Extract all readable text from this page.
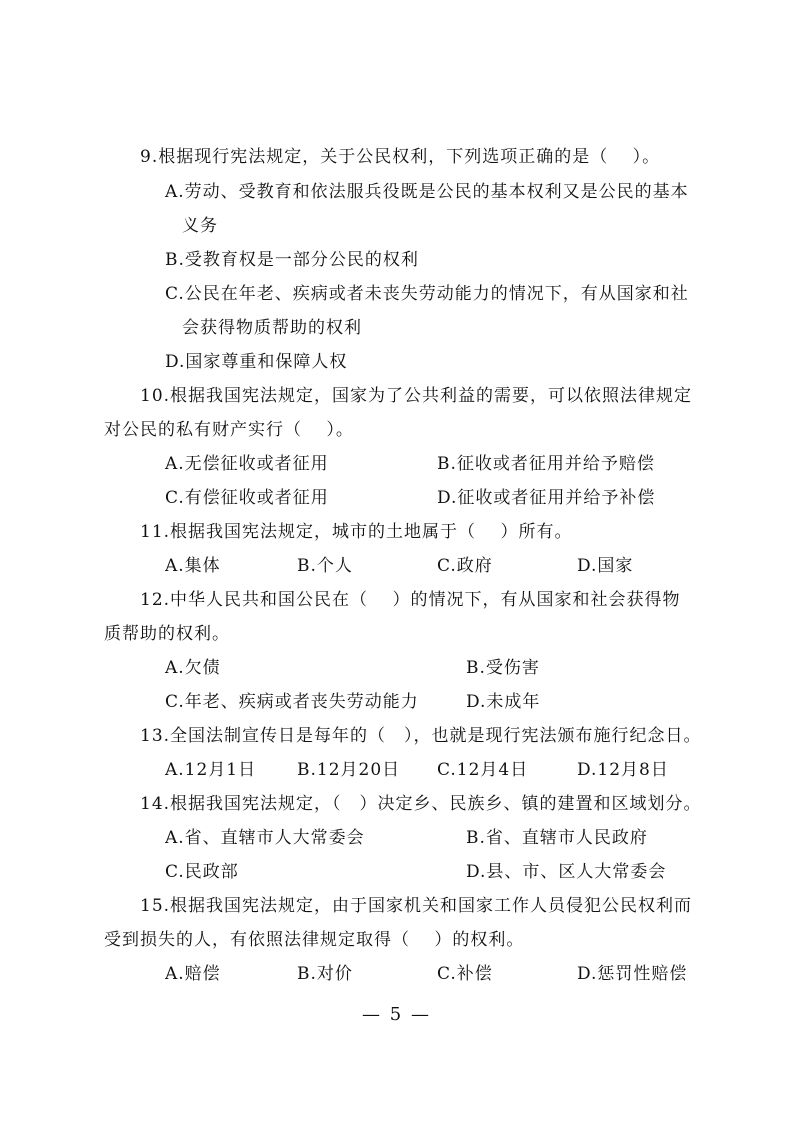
9.根据现行宪法规定，关于公民权利，下列选项正确的是（　 ）。
A.劳动、受教育和依法服兵役既是公民的基本权利又是公民的基本
义务
B.受教育权是一部分公民的权利
C.公民在年老、疾病或者未丧失劳动能力的情况下，有从国家和社
会获得物质帮助的权利
D.国家尊重和保障人权
10.根据我国宪法规定，国家为了公共利益的需要，可以依照法律规定
对公民的私有财产实行（　 ）。
A.无偿征收或者征用	B.征收或者征用并给予赔偿
C.有偿征收或者征用	D.征收或者征用并给予补偿
11.根据我国宪法规定，城市的土地属于（　 ）所有。
A.集体	B.个人	C.政府	D.国家
12.中华人民共和国公民在（　 ）的情况下，有从国家和社会获得物
质帮助的权利。
A.欠债	B.受伤害
C.年老、疾病或者丧失劳动能力	D.未成年
13.全国法制宣传日是每年的（　），也就是现行宪法颁布施行纪念日。
A.12月1日 B.12月20日 C.12月4日	D.12月8日
14.根据我国宪法规定，（　）决定乡、民族乡、镇的建置和区域划分。
A.省、直辖市人大常委会	B.省、直辖市人民政府
C.民政部	D.县、市、区人大常委会
15.根据我国宪法规定，由于国家机关和国家工作人员侵犯公民权利而
受到损失的人，有依照法律规定取得（　 ）的权利。
A.赔偿	B.对价	C.补偿	D.惩罚性赔偿
— 5 —
